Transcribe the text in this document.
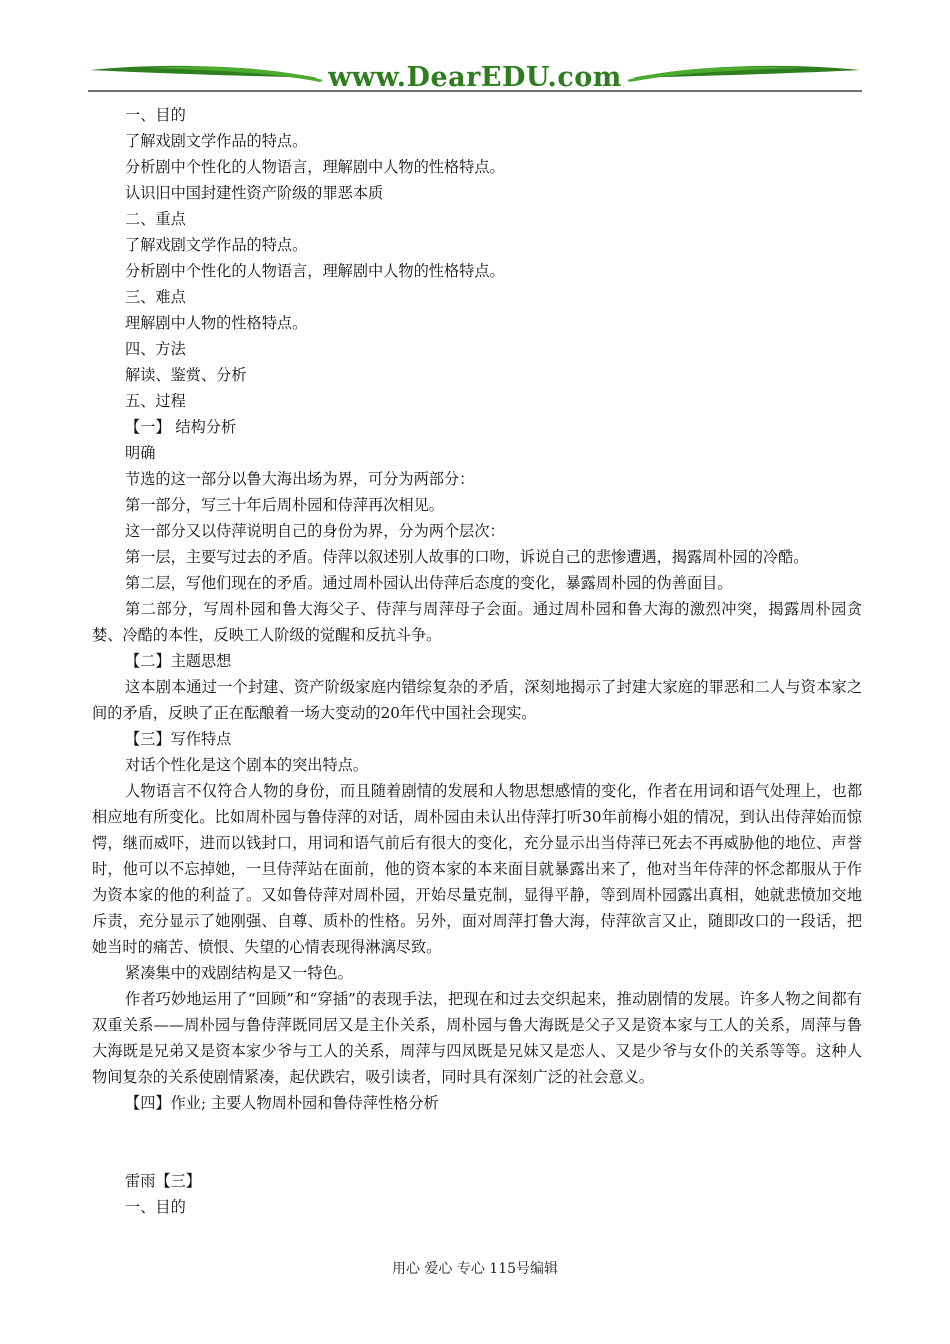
www.DearEDU.com

一、目的

了解戏剧文学作品的特点。

分析剧中个性化的人物语言，理解剧中人物的性格特点。

认识旧中国封建性资产阶级的罪恶本质

二、重点

了解戏剧文学作品的特点。

分析剧中个性化的人物语言，理解剧中人物的性格特点。

三、难点

理解剧中人物的性格特点。

四、方法

解读、鉴赏、分析

五、过程

【一】 结构分析

明确

节选的这一部分以鲁大海出场为界，可分为两部分：

第一部分，写三十年后周朴园和侍萍再次相见。

这一部分又以侍萍说明自己的身份为界，分为两个层次：

第一层，主要写过去的矛盾。侍萍以叙述别人故事的口吻，诉说自己的悲惨遭遇，揭露周朴园的冷酷。

第二层，写他们现在的矛盾。通过周朴园认出侍萍后态度的变化，暴露周朴园的伪善面目。

第二部分，写周朴园和鲁大海父子、侍萍与周萍母子会面。通过周朴园和鲁大海的激烈冲突，揭露周朴园贪婪、冷酷的本性，反映工人阶级的觉醒和反抗斗争。

【二】主题思想

这本剧本通过一个封建、资产阶级家庭内错综复杂的矛盾，深刻地揭示了封建大家庭的罪恶和二人与资本家之间的矛盾，反映了正在酝酿着一场大变动的20年代中国社会现实。

【三】写作特点

对话个性化是这个剧本的突出特点。

人物语言不仅符合人物的身份，而且随着剧情的发展和人物思想感情的变化，作者在用词和语气处理上，也都相应地有所变化。比如周朴园与鲁侍萍的对话，周朴园由未认出侍萍打听30年前梅小姐的情况，到认出侍萍始而惊愕，继而威吓，进而以钱封口，用词和语气前后有很大的变化，充分显示出当侍萍已死去不再威胁他的地位、声誉时，他可以不忘掉她，一旦侍萍站在面前，他的资本家的本来面目就暴露出来了，他对当年侍萍的怀念都服从于作为资本家的他的利益了。又如鲁侍萍对周朴园，开始尽量克制，显得平静，等到周朴园露出真相，她就悲愤加交地斥责，充分显示了她刚强、自尊、质朴的性格。另外，面对周萍打鲁大海，侍萍欲言又止，随即改口的一段话，把她当时的痛苦、愤恨、失望的心情表现得淋漓尽致。

紧凑集中的戏剧结构是又一特色。

作者巧妙地运用了“回顾”和“穿插”的表现手法，把现在和过去交织起来，推动剧情的发展。许多人物之间都有双重关系——周朴园与鲁侍萍既同居又是主仆关系，周朴园与鲁大海既是父子又是资本家与工人的关系，周萍与鲁大海既是兄弟又是资本家少爷与工人的关系，周萍与四凤既是兄妹又是恋人、又是少爷与女仆的关系等等。这种人物间复杂的关系使剧情紧凑，起伏跌宕，吸引读者，同时具有深刻广泛的社会意义。

【四】作业; 主要人物周朴园和鲁侍萍性格分析

雷雨【三】

一、目的

用心 爱心 专心 115号编辑
